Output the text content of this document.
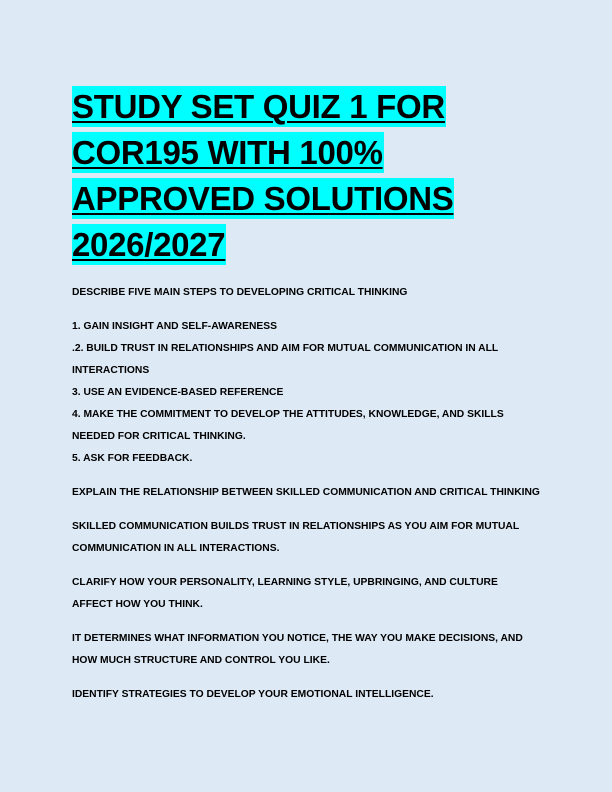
STUDY SET QUIZ 1 FOR COR195 WITH 100% APPROVED SOLUTIONS 2026/2027

DESCRIBE FIVE MAIN STEPS TO DEVELOPING CRITICAL THINKING

1. GAIN INSIGHT AND SELF-AWARENESS
.2. BUILD TRUST IN RELATIONSHIPS AND AIM FOR MUTUAL COMMUNICATION IN ALL INTERACTIONS
3. USE AN EVIDENCE-BASED REFERENCE
4. MAKE THE COMMITMENT TO DEVELOP THE ATTITUDES, KNOWLEDGE, AND SKILLS NEEDED FOR CRITICAL THINKING.
5. ASK FOR FEEDBACK.

EXPLAIN THE RELATIONSHIP BETWEEN SKILLED COMMUNICATION AND CRITICAL THINKING

SKILLED COMMUNICATION BUILDS TRUST IN RELATIONSHIPS AS YOU AIM FOR MUTUAL COMMUNICATION IN ALL INTERACTIONS.

CLARIFY HOW YOUR PERSONALITY, LEARNING STYLE, UPBRINGING, AND CULTURE AFFECT HOW YOU THINK.

IT DETERMINES WHAT INFORMATION YOU NOTICE, THE WAY YOU MAKE DECISIONS, AND HOW MUCH STRUCTURE AND CONTROL YOU LIKE.

IDENTIFY STRATEGIES TO DEVELOP YOUR EMOTIONAL INTELLIGENCE.
